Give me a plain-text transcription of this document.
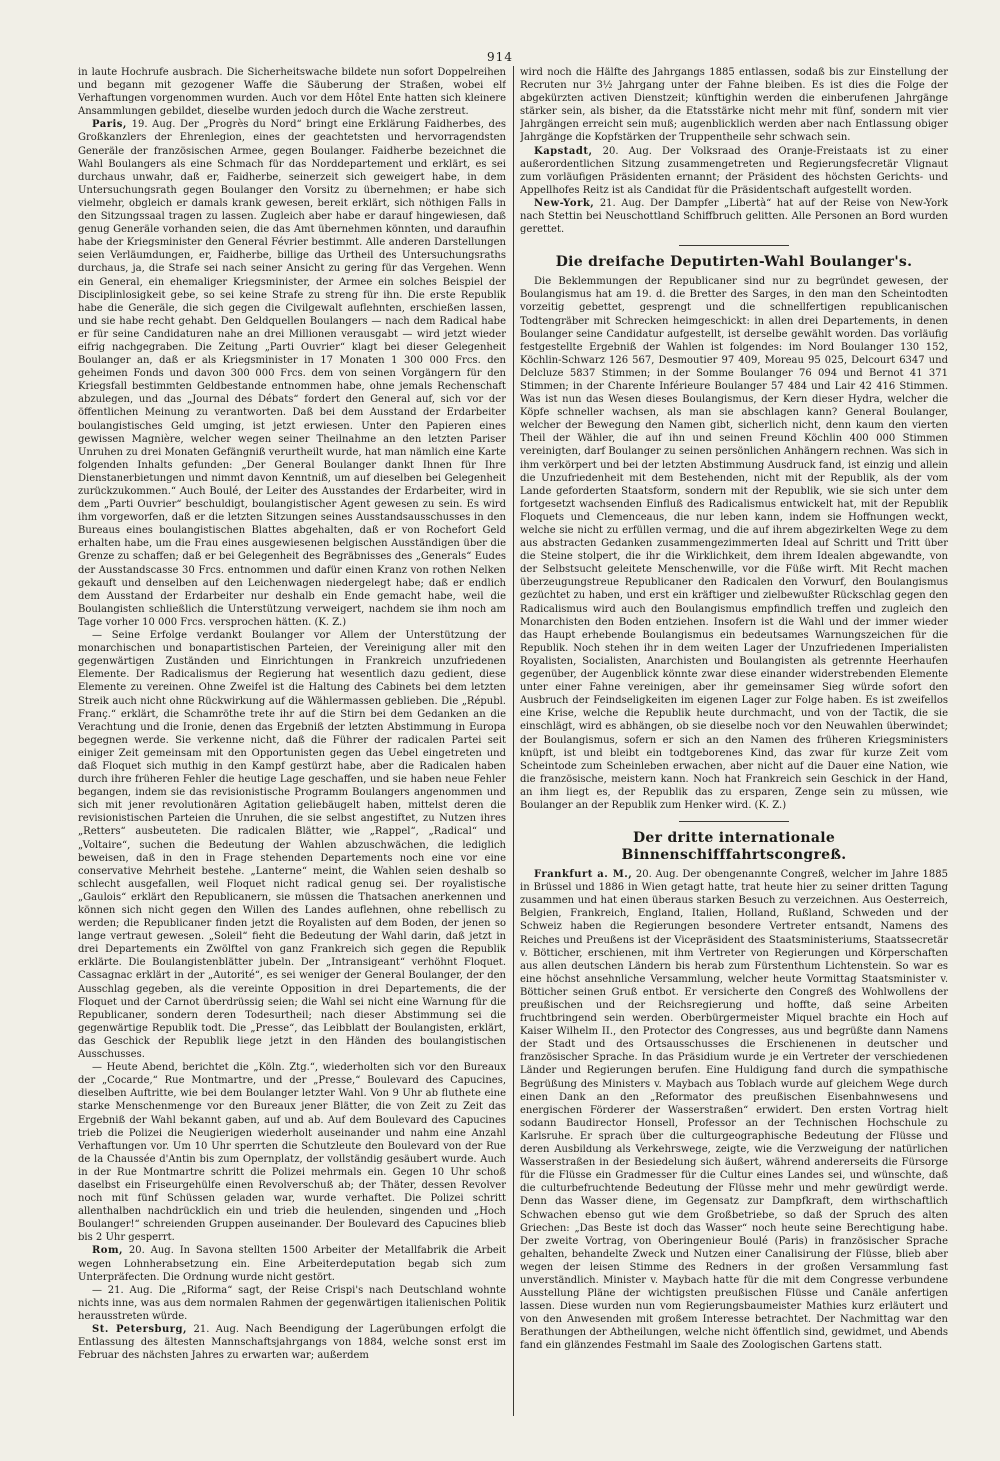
914

in laute Hochrufe ausbrach. Die Sicherheitswache bildete nun sofort Doppelreihen und begann mit gezogener Waffe die Säuberung der Straßen, wobei elf Verhaftungen vorgenommen wurden. Auch vor dem Hôtel Ente hatten sich kleinere Ansammlungen gebildet, dieselbe wurden jedoch durch die Wache zerstreut.

Paris, 19. Aug. Der „Progrès du Nord“ bringt eine Erklärung Faidherbes, des Großkanzlers der Ehrenlegion, eines der geachtetsten und hervorragendsten Generäle der französischen Armee, gegen Boulanger. Faidherbe bezeichnet die Wahl Boulangers als eine Schmach für das Norddepartement und erklärt, es sei durchaus unwahr, daß er, Faidherbe, seinerzeit sich geweigert habe, in dem Untersuchungsrath gegen Boulanger den Vorsitz zu übernehmen; er habe sich vielmehr, obgleich er damals krank gewesen, bereit erklärt, sich nöthigen Falls in den Sitzungssaal tragen zu lassen. Zugleich aber habe er darauf hingewiesen, daß genug Generäle vorhanden seien, die das Amt übernehmen könnten, und daraufhin habe der Kriegsminister den General Février bestimmt. Alle anderen Darstellungen seien Verläumdungen, er, Faidherbe, billige das Urtheil des Untersuchungsraths durchaus, ja, die Strafe sei nach seiner Ansicht zu gering für das Vergehen. Wenn ein General, ein ehemaliger Kriegsminister, der Armee ein solches Beispiel der Disciplinlosigkeit gebe, so sei keine Strafe zu streng für ihn. Die erste Republik habe die Generäle, die sich gegen die Civilgewalt auflehnten, erschießen lassen, und sie habe recht gehabt. Den Geldquellen Boulangers — nach dem Radical habe er für seine Candidaturen nahe an drei Millionen verausgabt — wird jetzt wieder eifrig nachgegraben. Die Zeitung „Parti Ouvrier“ klagt bei dieser Gelegenheit Boulanger an, daß er als Kriegsminister in 17 Monaten 1 300 000 Frcs. den geheimen Fonds und davon 300 000 Frcs. dem von seinen Vorgängern für den Kriegsfall bestimmten Geldbestande entnommen habe, ohne jemals Rechenschaft abzulegen, und das „Journal des Débats“ fordert den General auf, sich vor der öffentlichen Meinung zu verantworten. Daß bei dem Ausstand der Erdarbeiter boulangistisches Geld umging, ist jetzt erwiesen. Unter den Papieren eines gewissen Magnière, welcher wegen seiner Theilnahme an den letzten Pariser Unruhen zu drei Monaten Gefängniß verurtheilt wurde, hat man nämlich eine Karte folgenden Inhalts gefunden: „Der General Boulanger dankt Ihnen für Ihre Dienstanerbietungen und nimmt davon Kenntniß, um auf dieselben bei Gelegenheit zurückzukommen.“ Auch Boulé, der Leiter des Ausstandes der Erdarbeiter, wird in dem „Parti Ouvrier“ beschuldigt, boulangistischer Agent gewesen zu sein. Es wird ihm vorgeworfen, daß er die letzten Sitzungen seines Ausstandsausschusses in den Bureaus eines boulangistischen Blattes abgehalten, daß er von Rochefort Geld erhalten habe, um die Frau eines ausgewiesenen belgischen Ausständigen über die Grenze zu schaffen; daß er bei Gelegenheit des Begräbnisses des „Generals“ Eudes der Ausstandscasse 30 Frcs. entnommen und dafür einen Kranz von rothen Nelken gekauft und denselben auf den Leichenwagen niedergelegt habe; daß er endlich dem Ausstand der Erdarbeiter nur deshalb ein Ende gemacht habe, weil die Boulangisten schließlich die Unterstützung verweigert, nachdem sie ihm noch am Tage vorher 10 000 Frcs. versprochen hätten. (K. Z.)

— Seine Erfolge verdankt Boulanger vor Allem der Unterstützung der monarchischen und bonapartistischen Parteien, der Vereinigung aller mit den gegenwärtigen Zuständen und Einrichtungen in Frankreich unzufriedenen Elemente. Der Radicalismus der Regierung hat wesentlich dazu gedient, diese Elemente zu vereinen. Ohne Zweifel ist die Haltung des Cabinets bei dem letzten Streik auch nicht ohne Rückwirkung auf die Wählermassen geblieben. Die „Républ. Franç.“ erklärt, die Schamröthe trete ihr auf die Stirn bei dem Gedanken an die Verachtung und die Ironie, denen das Ergebniß der letzten Abstimmung in Europa begegnen werde. Sie verkenne nicht, daß die Führer der radicalen Partei seit einiger Zeit gemeinsam mit den Opportunisten gegen das Uebel eingetreten und daß Floquet sich muthig in den Kampf gestürzt habe, aber die Radicalen haben durch ihre früheren Fehler die heutige Lage geschaffen, und sie haben neue Fehler begangen, indem sie das revisionistische Programm Boulangers angenommen und sich mit jener revolutionären Agitation geliebäugelt haben, mittelst deren die revisionistischen Parteien die Unruhen, die sie selbst angestiftet, zu Nutzen ihres „Retters“ ausbeuteten. Die radicalen Blätter, wie „Rappel“, „Radical“ und „Voltaire“, suchen die Bedeutung der Wahlen abzuschwächen, die lediglich beweisen, daß in den in Frage stehenden Departements noch eine vor eine conservative Mehrheit bestehe. „Lanterne“ meint, die Wahlen seien deshalb so schlecht ausgefallen, weil Floquet nicht radical genug sei. Der royalistische „Gaulois“ erklärt den Republicanern, sie müssen die Thatsachen anerkennen und können sich nicht gegen den Willen des Landes auflehnen, ohne rebellisch zu werden; die Republicaner finden jetzt die Royalisten auf dem Boden, der jenen so lange vertraut gewesen. „Soleil“ fieht die Bedeutung der Wahl darin, daß jetzt in drei Departements ein Zwölftel von ganz Frankreich sich gegen die Republik erklärte. Die Boulangistenblätter jubeln. Der „Intransigeant“ verhöhnt Floquet. Cassagnac erklärt in der „Autorité“, es sei weniger der General Boulanger, der den Ausschlag gegeben, als die vereinte Opposition in drei Departements, die der Floquet und der Carnot überdrüssig seien; die Wahl sei nicht eine Warnung für die Republicaner, sondern deren Todesurtheil; nach dieser Abstimmung sei die gegenwärtige Republik todt. Die „Presse“, das Leibblatt der Boulangisten, erklärt, das Geschick der Republik liege jetzt in den Händen des boulangistischen Ausschusses.

— Heute Abend, berichtet die „Köln. Ztg.“, wiederholten sich vor den Bureaux der „Cocarde,“ Rue Montmartre, und der „Presse,“ Boulevard des Capucines, dieselben Auftritte, wie bei dem Boulanger letzter Wahl. Von 9 Uhr ab fluthete eine starke Menschenmenge vor den Bureaux jener Blätter, die von Zeit zu Zeit das Ergebniß der Wahl bekannt gaben, auf und ab. Auf dem Boulevard des Capucines trieb die Polizei die Neugierigen wiederholt auseinander und nahm eine Anzahl Verhaftungen vor. Um 10 Uhr sperrten die Schutzleute den Boulevard von der Rue de la Chaussée d'Antin bis zum Opernplatz, der vollständig gesäubert wurde. Auch in der Rue Montmartre schritt die Polizei mehrmals ein. Gegen 10 Uhr schoß daselbst ein Friseurgehülfe einen Revolverschuß ab; der Thäter, dessen Revolver noch mit fünf Schüssen geladen war, wurde verhaftet. Die Polizei schritt allenthalben nachdrücklich ein und trieb die heulenden, singenden und „Hoch Boulanger!“ schreienden Gruppen auseinander. Der Boulevard des Capucines blieb bis 2 Uhr gesperrt.

Rom, 20. Aug. In Savona stellten 1500 Arbeiter der Metallfabrik die Arbeit wegen Lohnherabsetzung ein. Eine Arbeiterdeputation begab sich zum Unterpräfecten. Die Ordnung wurde nicht gestört.

— 21. Aug. Die „Riforma“ sagt, der Reise Crispi's nach Deutschland wohnte nichts inne, was aus dem normalen Rahmen der gegenwärtigen italienischen Politik herausstreten würde.

St. Petersburg, 21. Aug. Nach Beendigung der Lagerübungen erfolgt die Entlassung des ältesten Mannschaftsjahrgangs von 1884, welche sonst erst im Februar des nächsten Jahres zu erwarten war; außerdem

wird noch die Hälfte des Jahrgangs 1885 entlassen, sodaß bis zur Einstellung der Recruten nur 3½ Jahrgang unter der Fahne bleiben. Es ist dies die Folge der abgekürzten activen Dienstzeit; künftighin werden die einberufenen Jahrgänge stärker sein, als bisher, da die Etatsstärke nicht mehr mit fünf, sondern mit vier Jahrgängen erreicht sein muß; augenblicklich werden aber nach Entlassung obiger Jahrgänge die Kopfstärken der Truppentheile sehr schwach sein.

Kapstadt, 20. Aug. Der Volksraad des Oranje-Freistaats ist zu einer außerordentlichen Sitzung zusammengetreten und Regierungsfecretär Vlignaut zum vorläufigen Präsidenten ernannt; der Präsident des höchsten Gerichts- und Appellhofes Reitz ist als Candidat für die Präsidentschaft aufgestellt worden.

New-York, 21. Aug. Der Dampfer „Libertà“ hat auf der Reise von New-York nach Stettin bei Neuschottland Schiffbruch gelitten. Alle Personen an Bord wurden gerettet.

Die dreifache Deputirten-Wahl Boulanger's.

Die Beklemmungen der Republicaner sind nur zu begründet gewesen, der Boulangismus hat am 19. d. die Bretter des Sarges, in den man den Scheintodten vorzeitig gebettet, gesprengt und die schnellfertigen republicanischen Todtengräber mit Schrecken heimgeschickt: in allen drei Departements, in denen Boulanger seine Candidatur aufgestellt, ist derselbe gewählt worden. Das vorläufig festgestellte Ergebniß der Wahlen ist folgendes: im Nord Boulanger 130 152, Köchlin-Schwarz 126 567, Desmoutier 97 409, Moreau 95 025, Delcourt 6347 und Delcluze 5837 Stimmen; in der Somme Boulanger 76 094 und Bernot 41 371 Stimmen; in der Charente Inférieure Boulanger 57 484 und Lair 42 416 Stimmen. Was ist nun das Wesen dieses Boulangismus, der Kern dieser Hydra, welcher die Köpfe schneller wachsen, als man sie abschlagen kann? General Boulanger, welcher der Bewegung den Namen gibt, sicherlich nicht, denn kaum den vierten Theil der Wähler, die auf ihn und seinen Freund Köchlin 400 000 Stimmen vereinigten, darf Boulanger zu seinen persönlichen Anhängern rechnen. Was sich in ihm verkörpert und bei der letzten Abstimmung Ausdruck fand, ist einzig und allein die Unzufriedenheit mit dem Bestehenden, nicht mit der Republik, als der vom Lande geforderten Staatsform, sondern mit der Republik, wie sie sich unter dem fortgesetzt wachsenden Einfluß des Radicalismus entwickelt hat, mit der Republik Floquets und Clemenceaus, die nur leben kann, indem sie Hoffnungen weckt, welche sie nicht zu erfüllen vermag, und die auf ihrem abgezirkelten Wege zu dem aus abstracten Gedanken zusammengezimmerten Ideal auf Schritt und Tritt über die Steine stolpert, die ihr die Wirklichkeit, dem ihrem Idealen abgewandte, von der Selbstsucht geleitete Menschenwille, vor die Füße wirft. Mit Recht machen überzeugungstreue Republicaner den Radicalen den Vorwurf, den Boulangismus gezüchtet zu haben, und erst ein kräftiger und zielbewußter Rückschlag gegen den Radicalismus wird auch den Boulangismus empfindlich treffen und zugleich den Monarchisten den Boden entziehen. Insofern ist die Wahl und der immer wieder das Haupt erhebende Boulangismus ein bedeutsames Warnungszeichen für die Republik. Noch stehen ihr in dem weiten Lager der Unzufriedenen Imperialisten Royalisten, Socialisten, Anarchisten und Boulangisten als getrennte Heerhaufen gegenüber, der Augenblick könnte zwar diese einander widerstrebenden Elemente unter einer Fahne vereinigen, aber ihr gemeinsamer Sieg würde sofort den Ausbruch der Feindseligkeiten im eigenen Lager zur Folge haben. Es ist zweifellos eine Krise, welche die Republik heute durchmacht, und von der Tactik, die sie einschlägt, wird es abhängen, ob sie dieselbe noch vor den Neuwahlen überwindet; der Boulangismus, sofern er sich an den Namen des früheren Kriegsministers knüpft, ist und bleibt ein todtgeborenes Kind, das zwar für kurze Zeit vom Scheintode zum Scheinleben erwachen, aber nicht auf die Dauer eine Nation, wie die französische, meistern kann. Noch hat Frankreich sein Geschick in der Hand, an ihm liegt es, der Republik das zu ersparen, Zenge sein zu müssen, wie Boulanger an der Republik zum Henker wird. (K. Z.)

Der dritte internationale Binnenschifffahrtscongreß.

Frankfurt a. M., 20. Aug. Der obengenannte Congreß, welcher im Jahre 1885 in Brüssel und 1886 in Wien getagt hatte, trat heute hier zu seiner dritten Tagung zusammen und hat einen überaus starken Besuch zu verzeichnen. Aus Oesterreich, Belgien, Frankreich, England, Italien, Holland, Rußland, Schweden und der Schweiz haben die Regierungen besondere Vertreter entsandt, Namens des Reiches und Preußens ist der Vicepräsident des Staatsministeriums, Staatssecretär v. Bötticher, erschienen, mit ihm Vertreter von Regierungen und Körperschaften aus allen deutschen Ländern bis herab zum Fürstenthum Lichtenstein. So war es eine höchst ansehnliche Versammlung, welcher heute Vormittag Staatsminister v. Bötticher seinen Gruß entbot. Er versicherte den Congreß des Wohlwollens der preußischen und der Reichsregierung und hoffte, daß seine Arbeiten fruchtbringend sein werden. Oberbürgermeister Miquel brachte ein Hoch auf Kaiser Wilhelm II., den Protector des Congresses, aus und begrüßte dann Namens der Stadt und des Ortsausschusses die Erschienenen in deutscher und französischer Sprache. In das Präsidium wurde je ein Vertreter der verschiedenen Länder und Regierungen berufen. Eine Huldigung fand durch die sympathische Begrüßung des Ministers v. Maybach aus Toblach wurde auf gleichem Wege durch einen Dank an den „Reformator des preußischen Eisenbahnwesens und energischen Förderer der Wasserstraßen“ erwidert. Den ersten Vortrag hielt sodann Baudirector Honsell, Professor an der Technischen Hochschule zu Karlsruhe. Er sprach über die culturgeographische Bedeutung der Flüsse und deren Ausbildung als Verkehrswege, zeigte, wie die Verzweigung der natürlichen Wasserstraßen in der Besiedelung sich äußert, während andererseits die Fürsorge für die Flüsse ein Gradmesser für die Cultur eines Landes sei, und wünschte, daß die culturbefruchtende Bedeutung der Flüsse mehr und mehr gewürdigt werde. Denn das Wasser diene, im Gegensatz zur Dampfkraft, dem wirthschaftlich Schwachen ebenso gut wie dem Großbetriebe, so daß der Spruch des alten Griechen: „Das Beste ist doch das Wasser“ noch heute seine Berechtigung habe. Der zweite Vortrag, von Oberingenieur Boulé (Paris) in französischer Sprache gehalten, behandelte Zweck und Nutzen einer Canalisirung der Flüsse, blieb aber wegen der leisen Stimme des Redners in der großen Versammlung fast unverständlich. Minister v. Maybach hatte für die mit dem Congresse verbundene Ausstellung Pläne der wichtigsten preußischen Flüsse und Canäle anfertigen lassen. Diese wurden nun vom Regierungsbaumeister Mathies kurz erläutert und von den Anwesenden mit großem Interesse betrachtet. Der Nachmittag war den Berathungen der Abtheilungen, welche nicht öffentlich sind, gewidmet, und Abends fand ein glänzendes Festmahl im Saale des Zoologischen Gartens statt.
